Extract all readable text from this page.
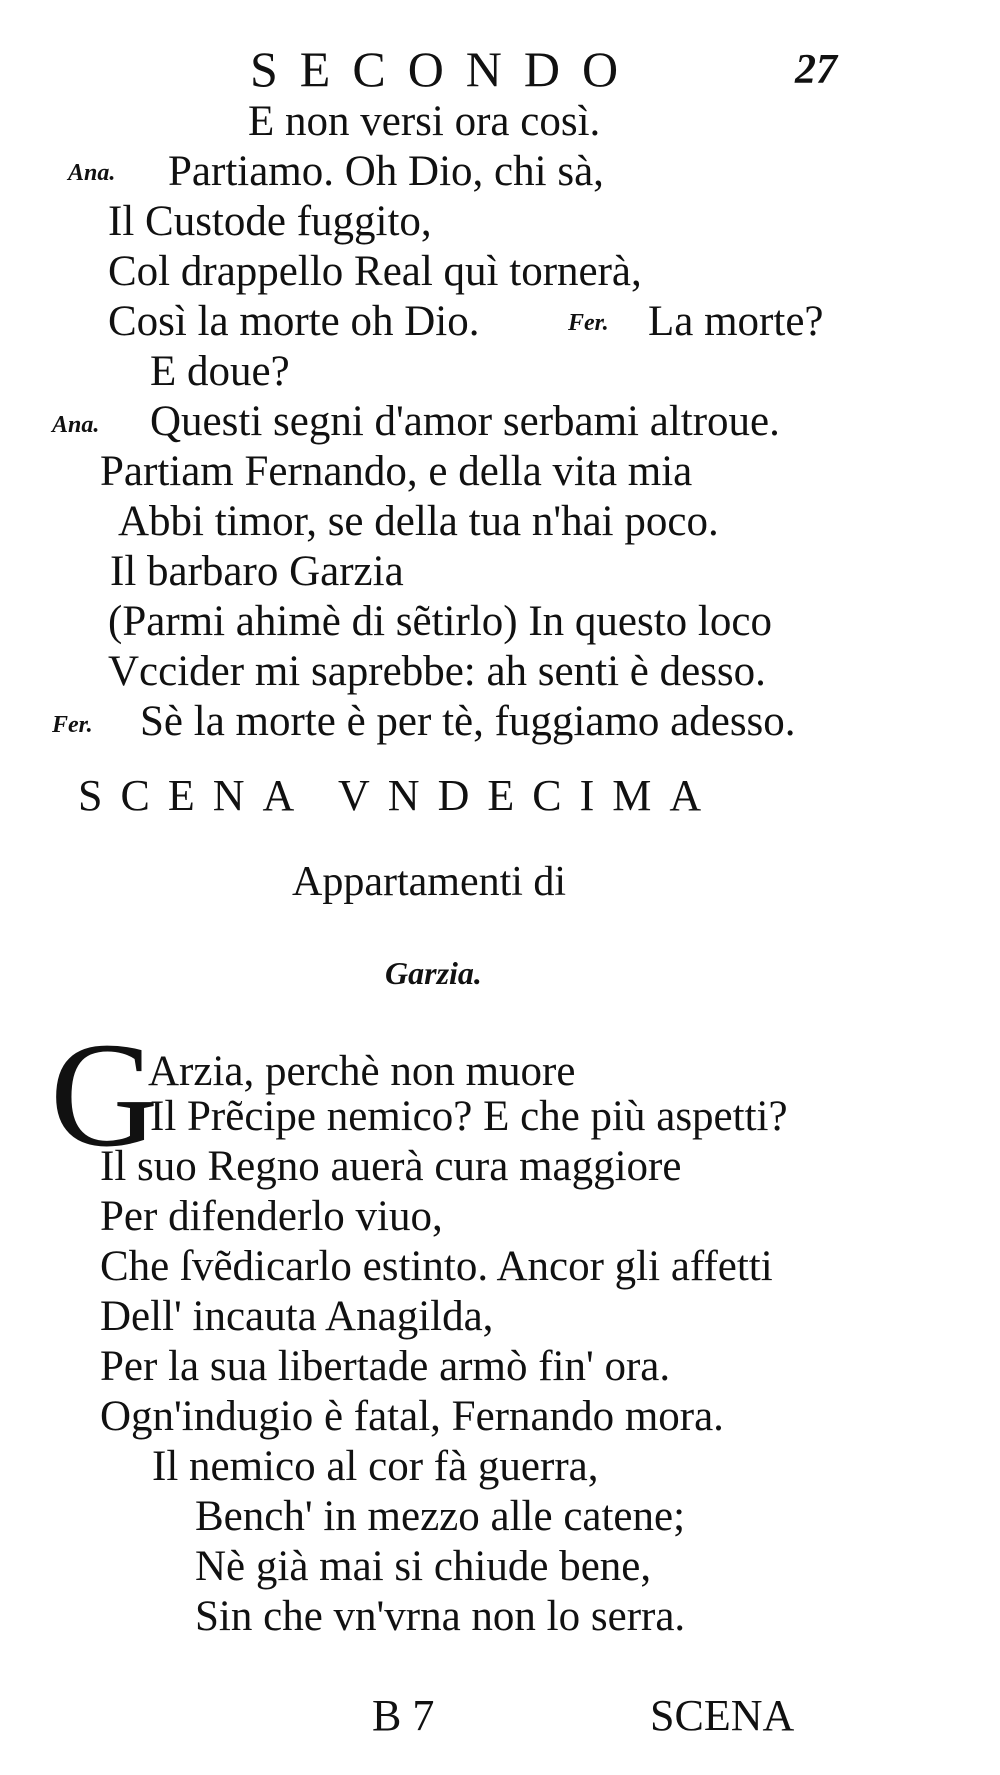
SECONDO	27
E non versi ora così.
Ana. Partiamo. Oh Dio, chi sà,
Il Custode fuggito,
Col drappello Real quì tornerà,
Così la morte oh Dio.	Fer. La morte?
E doue?
Ana. Questi segni d'amor serbami altroue.
Partiam Fernando, e della vita mia
Abbi timor, se della tua n'hai poco.
Il barbaro Garzia
(Parmi ahimè di sẽtirlo) In questo loco
Vccider mi saprebbe: ah senti è desso.
Fer. Sè la morte è per tè, fuggiamo adesso.
SCENA VNDECIMA
Appartamenti di
Garzia.
G
Arzia, perchè non muore
Il Prẽcipe nemico? E che più aspetti?
Il suo Regno auerà cura maggiore
Per difenderlo viuo,
Che ſvẽdicarlo estinto. Ancor gli affetti
Dell' incauta Anagilda,
Per la sua libertade armò fin' ora.
Ogn'indugio è fatal, Fernando mora.
Il nemico al cor fà guerra,
Bench' in mezzo alle catene;
Nè già mai si chiude bene,
Sin che vn'vrna non lo serra.
B 7	SCENA
